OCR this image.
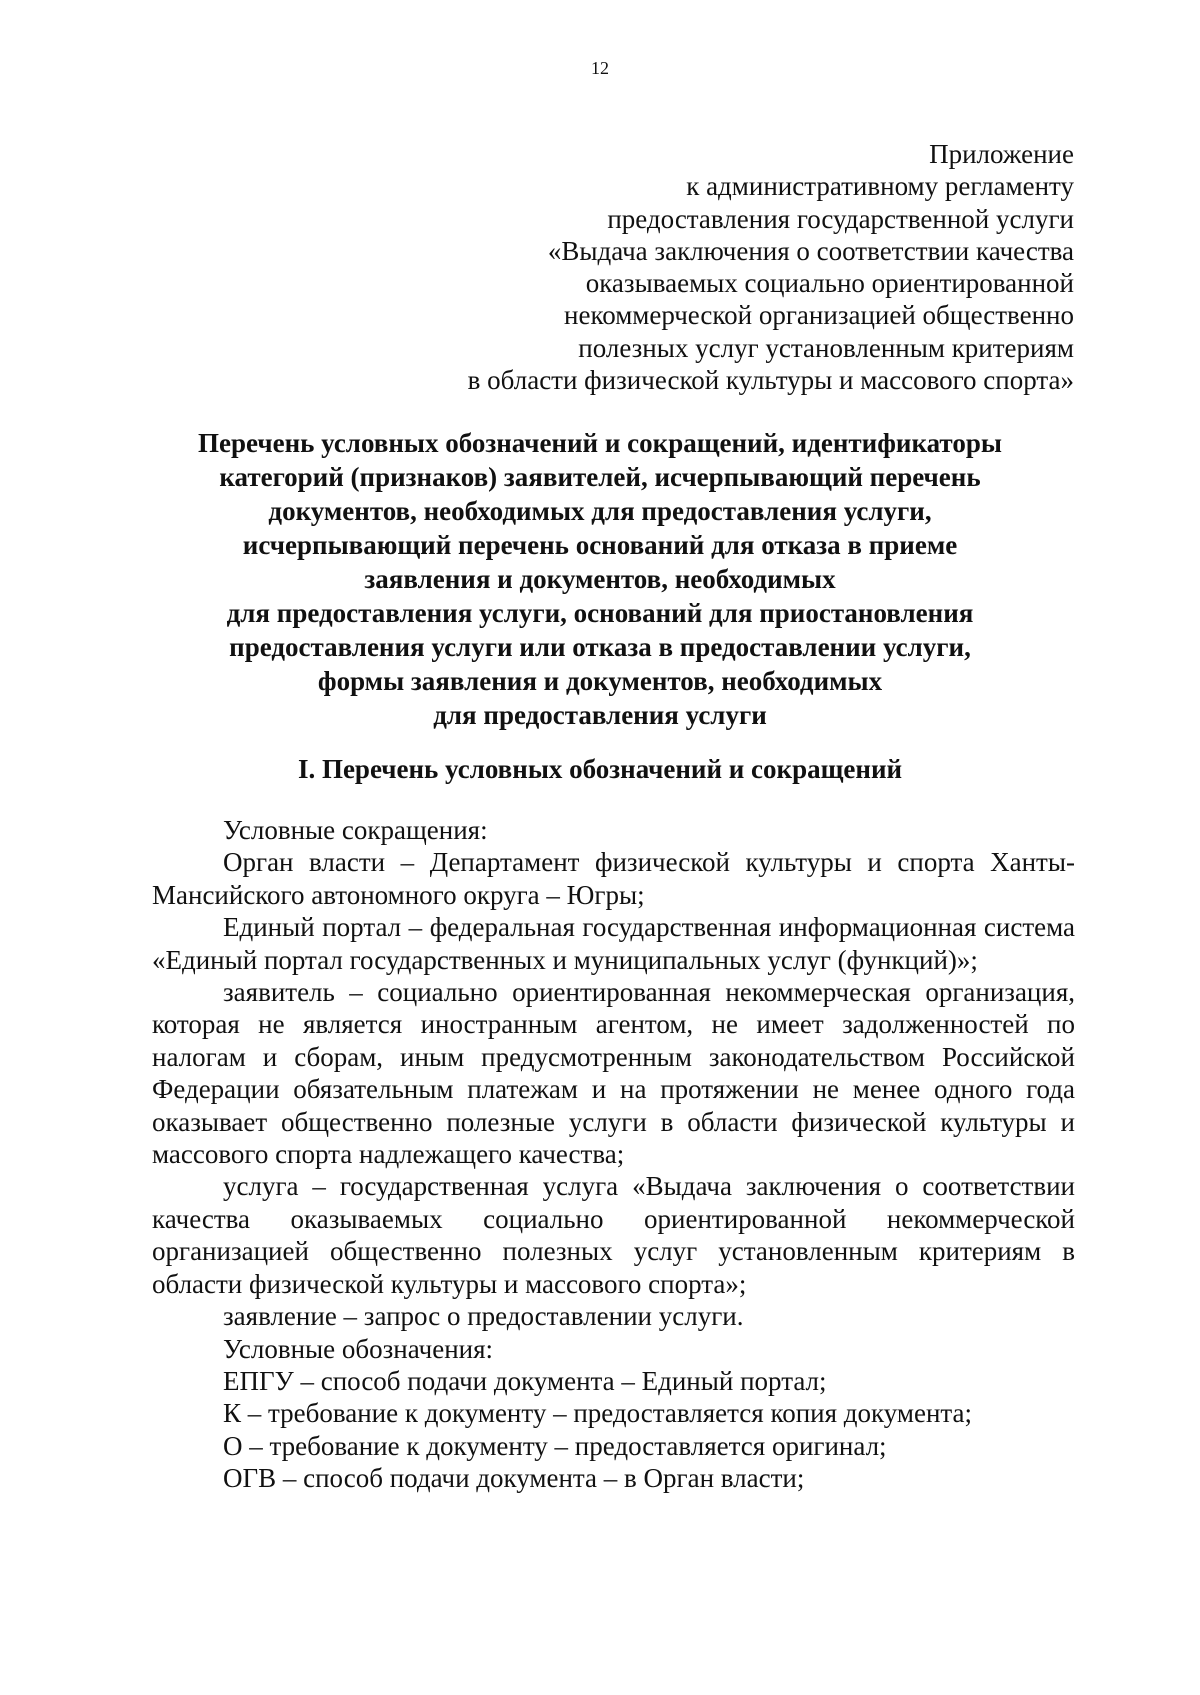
12
Приложение
к административному регламенту
предоставления государственной услуги
«Выдача заключения о соответствии качества
оказываемых социально ориентированной
некоммерческой организацией общественно
полезных услуг установленным критериям
в области физической культуры и массового спорта»
Перечень условных обозначений и сокращений, идентификаторы
категорий (признаков) заявителей, исчерпывающий перечень
документов, необходимых для предоставления услуги,
исчерпывающий перечень оснований для отказа в приеме
заявления и документов, необходимых
для предоставления услуги, оснований для приостановления
предоставления услуги или отказа в предоставлении услуги,
формы заявления и документов, необходимых
для предоставления услуги
I. Перечень условных обозначений и сокращений

Условные сокращения:

Орган власти – Департамент физической культуры и спорта Ханты-Мансийского автономного округа – Югры;

Единый портал – федеральная государственная информационная система «Единый портал государственных и муниципальных услуг (функций)»;

заявитель – социально ориентированная некоммерческая организация, которая не является иностранным агентом, не имеет задолженностей по налогам и сборам, иным предусмотренным законодательством Российской Федерации обязательным платежам и на протяжении не менее одного года оказывает общественно полезные услуги в области физической культуры и массового спорта надлежащего качества;

услуга – государственная услуга «Выдача заключения о соответствии качества оказываемых социально ориентированной некоммерческой организацией общественно полезных услуг установленным критериям в области физической культуры и массового спорта»;

заявление – запрос о предоставлении услуги.

Условные обозначения:

ЕПГУ – способ подачи документа – Единый портал;

К – требование к документу – предоставляется копия документа;

О – требование к документу – предоставляется оригинал;

ОГВ – способ подачи документа – в Орган власти;
